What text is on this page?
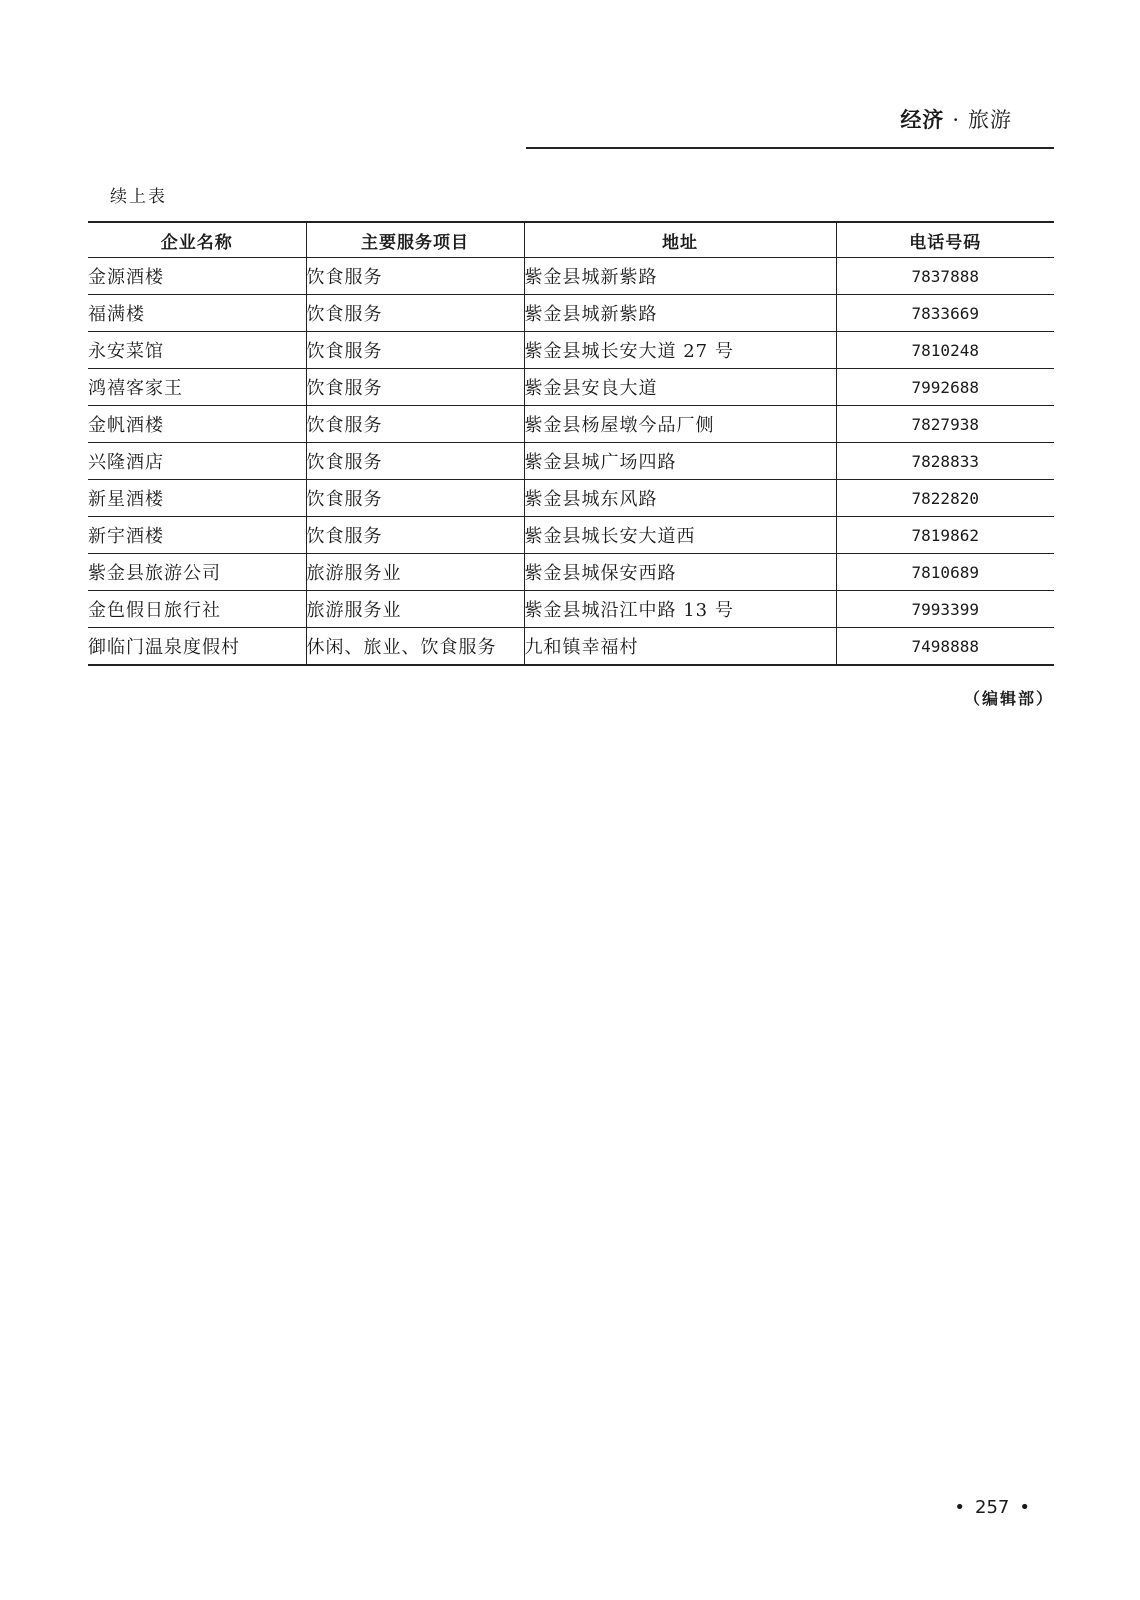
经济 · 旅游
续上表
企业名称	主要服务项目	地址	电话号码
金源酒楼	饮食服务	紫金县城新紫路	7837888
福满楼	饮食服务	紫金县城新紫路	7833669
永安菜馆	饮食服务	紫金县城长安大道 27 号	7810248
鸿禧客家王	饮食服务	紫金县安良大道	7992688
金帆酒楼	饮食服务	紫金县杨屋墩今品厂侧	7827938
兴隆酒店	饮食服务	紫金县城广场四路	7828833
新星酒楼	饮食服务	紫金县城东风路	7822820
新宇酒楼	饮食服务	紫金县城长安大道西	7819862
紫金县旅游公司	旅游服务业	紫金县城保安西路	7810689
金色假日旅行社	旅游服务业	紫金县城沿江中路 13 号	7993399
御临门温泉度假村	休闲、旅业、饮食服务	九和镇幸福村	7498888
（编辑部）
• 257 •
